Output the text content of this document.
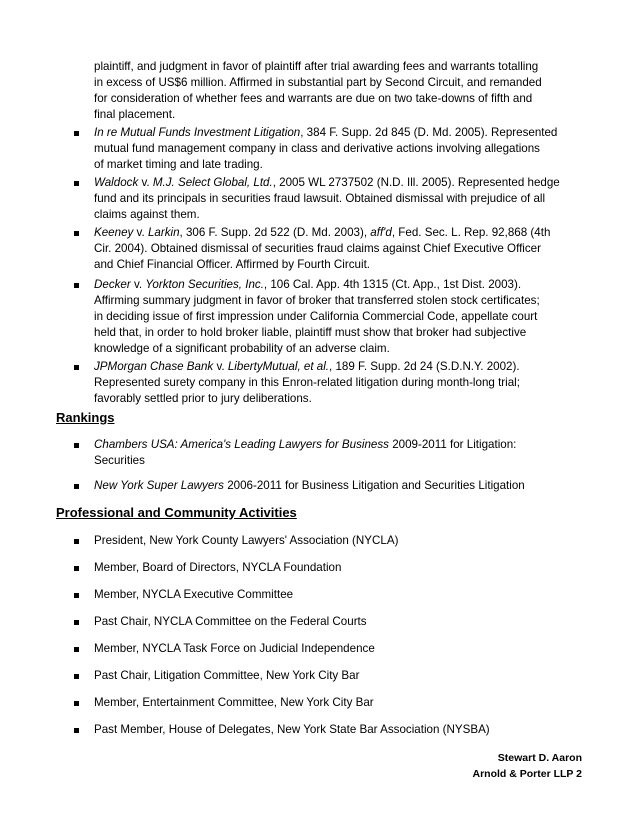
plaintiff, and judgment in favor of plaintiff after trial awarding fees and warrants totalling
in excess of US$6 million. Affirmed in substantial part by Second Circuit, and remanded
for consideration of whether fees and warrants are due on two take-downs of fifth and
final placement.
In re Mutual Funds Investment Litigation, 384 F. Supp. 2d 845 (D. Md. 2005). Represented
mutual fund management company in class and derivative actions involving allegations
of market timing and late trading.
Waldock v. M.J. Select Global, Ltd., 2005 WL 2737502 (N.D. Ill. 2005). Represented hedge
fund and its principals in securities fraud lawsuit. Obtained dismissal with prejudice of all
claims against them.
Keeney v. Larkin, 306 F. Supp. 2d 522 (D. Md. 2003), aff'd, Fed. Sec. L. Rep. 92,868 (4th
Cir. 2004). Obtained dismissal of securities fraud claims against Chief Executive Officer
and Chief Financial Officer. Affirmed by Fourth Circuit.
Decker v. Yorkton Securities, Inc., 106 Cal. App. 4th 1315 (Ct. App., 1st Dist. 2003).
Affirming summary judgment in favor of broker that transferred stolen stock certificates;
in deciding issue of first impression under California Commercial Code, appellate court
held that, in order to hold broker liable, plaintiff must show that broker had subjective
knowledge of a significant probability of an adverse claim.
JPMorgan Chase Bank v. LibertyMutual, et al., 189 F. Supp. 2d 24 (S.D.N.Y. 2002).
Represented surety company in this Enron-related litigation during month-long trial;
favorably settled prior to jury deliberations.
Rankings
Chambers USA: America's Leading Lawyers for Business 2009-2011 for Litigation:
Securities
New York Super Lawyers 2006-2011 for Business Litigation and Securities Litigation
Professional and Community Activities
President, New York County Lawyers' Association (NYCLA)
Member, Board of Directors, NYCLA Foundation
Member, NYCLA Executive Committee
Past Chair, NYCLA Committee on the Federal Courts
Member, NYCLA Task Force on Judicial Independence
Past Chair, Litigation Committee, New York City Bar
Member, Entertainment Committee, New York City Bar
Past Member, House of Delegates, New York State Bar Association (NYSBA)
Stewart D. Aaron
Arnold & Porter LLP 2
